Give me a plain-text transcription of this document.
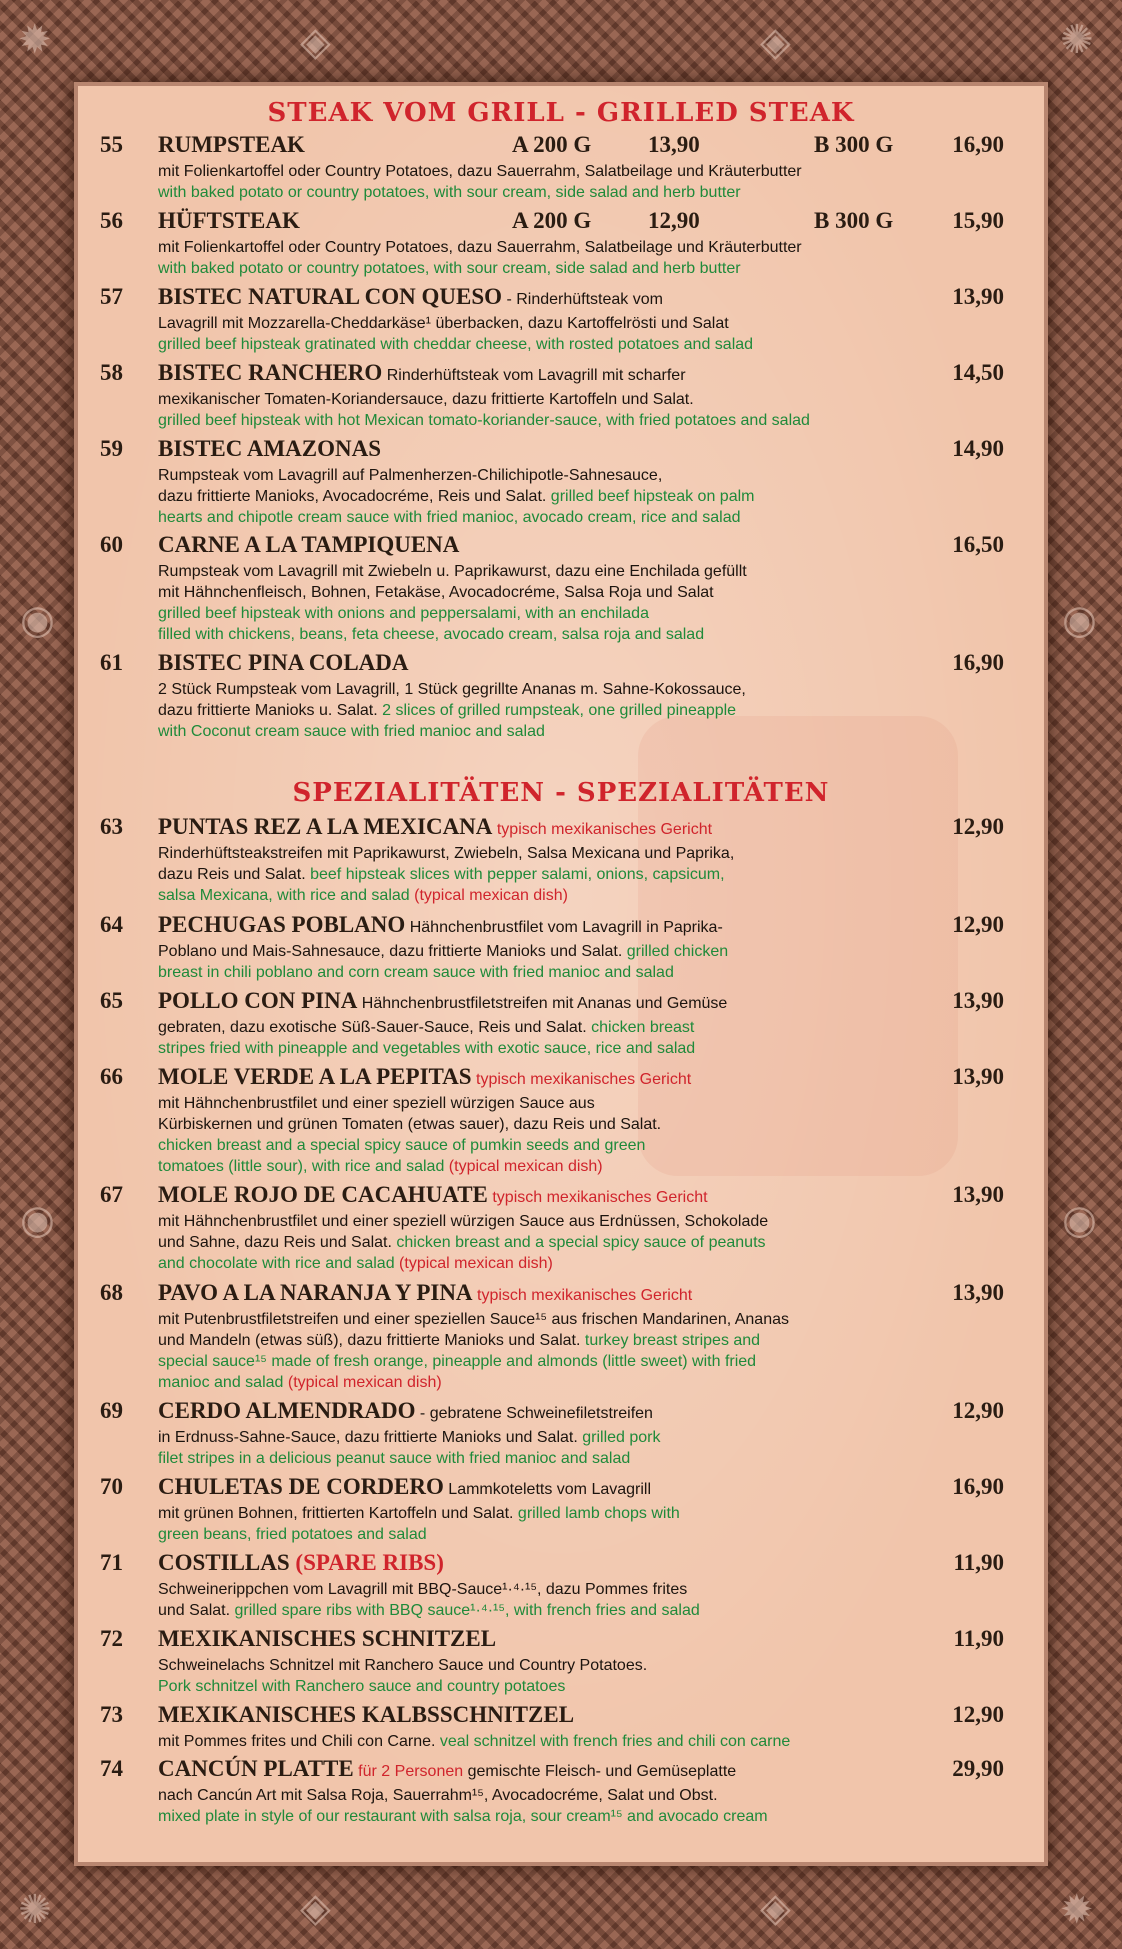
✹	✺
✺	✹
◈	◈
◈	◈
◉
◉
◉
◉
STEAK VOM GRILL - GRILLED STEAK
55 RUMPSTEAK
mit Folienkartoffel oder Country Potatoes, dazu Sauerrahm, Salatbeilage und Kräuterbutter
with baked potato or country potatoes, with sour cream, side salad and herb butter
A 200 G 13,90	B 300 G	16,90
56 HÜFTSTEAK
mit Folienkartoffel oder Country Potatoes, dazu Sauerrahm, Salatbeilage und Kräuterbutter
with baked potato or country potatoes, with sour cream, side salad and herb butter
A 200 G 12,90	B 300 G	15,90
57 BISTEC NATURAL CON QUESO - Rinderhüftsteak vom
Lavagrill mit Mozzarella-Cheddarkäse¹ überbacken, dazu Kartoffelrösti und Salat
grilled beef hipsteak gratinated with cheddar cheese, with rosted potatoes and salad
13,90
58 BISTEC RANCHERO Rinderhüftsteak vom Lavagrill mit scharfer
mexikanischer Tomaten-Koriandersauce, dazu frittierte Kartoffeln und Salat.
grilled beef hipsteak with hot Mexican tomato-koriander-sauce, with fried potatoes and salad
14,50
59 BISTEC AMAZONAS
Rumpsteak vom Lavagrill auf Palmenherzen-Chilichipotle-Sahnesauce,
dazu frittierte Manioks, Avocadocréme, Reis und Salat. grilled beef hipsteak on palm
hearts and chipotle cream sauce with fried manioc, avocado cream, rice and salad
14,90
60 CARNE A LA TAMPIQUENA
Rumpsteak vom Lavagrill mit Zwiebeln u. Paprikawurst, dazu eine Enchilada gefüllt
mit Hähnchenfleisch, Bohnen, Fetakäse, Avocadocréme, Salsa Roja und Salat
grilled beef hipsteak with onions and peppersalami, with an enchilada
filled with chickens, beans, feta cheese, avocado cream, salsa roja and salad
16,50
61 BISTEC PINA COLADA
2 Stück Rumpsteak vom Lavagrill, 1 Stück gegrillte Ananas m. Sahne-Kokossauce,
dazu frittierte Manioks u. Salat. 2 slices of grilled rumpsteak, one grilled pineapple
with Coconut cream sauce with fried manioc and salad
16,90
SPEZIALITÄTEN - SPEZIALITÄTEN
63 PUNTAS REZ A LA MEXICANA typisch mexikanisches Gericht
Rinderhüftsteakstreifen mit Paprikawurst, Zwiebeln, Salsa Mexicana und Paprika,
dazu Reis und Salat. beef hipsteak slices with pepper salami, onions, capsicum,
salsa Mexicana, with rice and salad (typical mexican dish)
12,90
64 PECHUGAS POBLANO Hähnchenbrustfilet vom Lavagrill in Paprika-
Poblano und Mais-Sahnesauce, dazu frittierte Manioks und Salat. grilled chicken
breast in chili poblano and corn cream sauce with fried manioc and salad
12,90
65 POLLO CON PINA Hähnchenbrustfiletstreifen mit Ananas und Gemüse
gebraten, dazu exotische Süß-Sauer-Sauce, Reis und Salat. chicken breast
stripes fried with pineapple and vegetables with exotic sauce, rice and salad
13,90
66 MOLE VERDE A LA PEPITAS typisch mexikanisches Gericht
mit Hähnchenbrustfilet und einer speziell würzigen Sauce aus
Kürbiskernen und grünen Tomaten (etwas sauer), dazu Reis und Salat.
chicken breast and a special spicy sauce of pumkin seeds and green
tomatoes (little sour), with rice and salad (typical mexican dish)
13,90
67 MOLE ROJO DE CACAHUATE typisch mexikanisches Gericht
mit Hähnchenbrustfilet und einer speziell würzigen Sauce aus Erdnüssen, Schokolade
und Sahne, dazu Reis und Salat. chicken breast and a special spicy sauce of peanuts
and chocolate with rice and salad (typical mexican dish)
13,90
68 PAVO A LA NARANJA Y PINA typisch mexikanisches Gericht
mit Putenbrustfiletstreifen und einer speziellen Sauce¹⁵ aus frischen Mandarinen, Ananas
und Mandeln (etwas süß), dazu frittierte Manioks und Salat. turkey breast stripes and
special sauce¹⁵ made of fresh orange, pineapple and almonds (little sweet) with fried
manioc and salad (typical mexican dish)
13,90
69 CERDO ALMENDRADO - gebratene Schweinefiletstreifen
in Erdnuss-Sahne-Sauce, dazu frittierte Manioks und Salat. grilled pork
filet stripes in a delicious peanut sauce with fried manioc and salad
12,90
70 CHULETAS DE CORDERO Lammkoteletts vom Lavagrill
mit grünen Bohnen, frittierten Kartoffeln und Salat. grilled lamb chops with
green beans, fried potatoes and salad
16,90
71 COSTILLAS (SPARE RIBS)
Schweinerippchen vom Lavagrill mit BBQ-Sauce¹·⁴·¹⁵, dazu Pommes frites
und Salat. grilled spare ribs with BBQ sauce¹·⁴·¹⁵, with french fries and salad
11,90
72 MEXIKANISCHES SCHNITZEL
Schweinelachs Schnitzel mit Ranchero Sauce und Country Potatoes.
Pork schnitzel with Ranchero sauce and country potatoes
11,90
73 MEXIKANISCHES KALBSSCHNITZEL
mit Pommes frites und Chili con Carne. veal schnitzel with french fries and chili con carne
12,90
74 CANCÚN PLATTE für 2 Personen gemischte Fleisch- und Gemüseplatte
nach Cancún Art mit Salsa Roja, Sauerrahm¹⁵, Avocadocréme, Salat und Obst.
mixed plate in style of our restaurant with salsa roja, sour cream¹⁵ and avocado cream
29,90
